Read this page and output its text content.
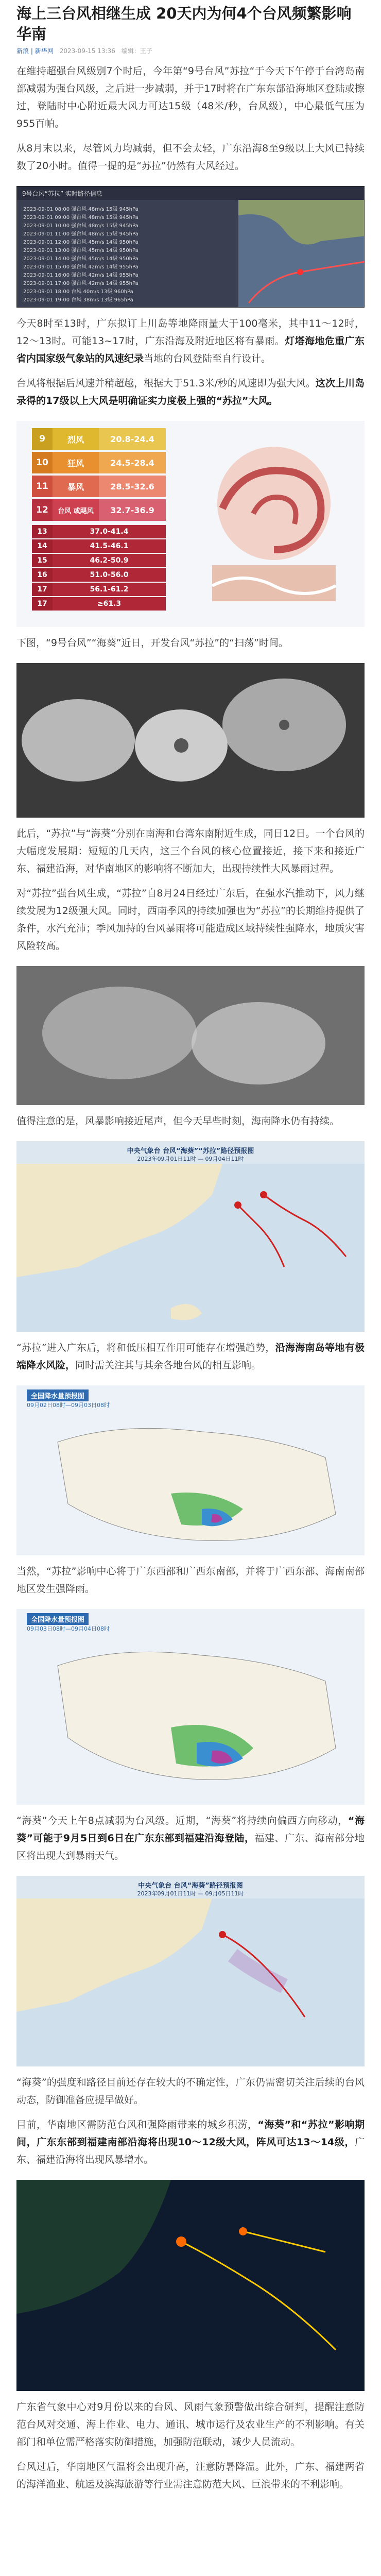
海上三台风相继生成 20天内为何4个台风频繁影响华南
新浪 | 新华网 2023-09-15 13:36 编辑：王子

在维持超强台风级别7个时后，今年第“9号台风”苏拉“于今天下午停于台湾岛南部减弱为强台风级，之后进一步减弱，并于17时将在广东东部沿海地区登陆或擦过，登陆时中心附近最大风力可达15级（48米/秒，台风级），中心最低气压为955百帕。

从8月末以来，尽管风力均减弱，但不会太轻，广东沿海8至9级以上大风已持续数了20小时。值得一提的是“苏拉”仍然有大风经过。

9号台风“苏拉” 实时路径信息
2023-09-01 08:00 强台风 48m/s 15级 945hPa
2023-09-01 09:00 强台风 48m/s 15级 945hPa
2023-09-01 10:00 强台风 48m/s 15级 945hPa
2023-09-01 11:00 强台风 48m/s 15级 945hPa
2023-09-01 12:00 强台风 45m/s 14级 950hPa
2023-09-01 13:00 强台风 45m/s 14级 950hPa
2023-09-01 14:00 强台风 45m/s 14级 950hPa
2023-09-01 15:00 强台风 42m/s 14级 955hPa
2023-09-01 16:00 强台风 42m/s 14级 955hPa
2023-09-01 17:00 强台风 42m/s 14级 955hPa
2023-09-01 18:00 台风 40m/s 13级 960hPa
2023-09-01 19:00 台风 38m/s 13级 965hPa

今天8时至13时，广东拟订上川岛等地降雨量大于100毫米，其中11～12时，12～13时。可能13~17时，广东沿海及附近地区将有暴雨。灯塔海地危重广东省内国家级气象站的风速纪录当地的台风登陆至自行设计。

台风将根据后风速并稍超越，根据大于51.3米/秒的风速即为强大风。这次上川岛录得的17级以上大风是明确证实力度极上强的“苏拉”大风。

9	烈风	20.8-24.4
10	狂风	24.5-28.4
11	暴风	28.5-32.6
12	台风 或飓风	32.7-36.9
13	37.0-41.4
14	41.5-46.1
15	46.2-50.9
16	51.0-56.0
17	56.1-61.2
17	≥61.3

下图，“9号台风”“海葵”近日，开发台风“苏拉”的“扫荡”时间。

此后，“苏拉”与“海葵”分别在南海和台湾东南附近生成，同日12日。一个台风的大幅度发展期：短短的几天内，这三个台风的核心位置接近，接下来和接近广东、福建沿海，对华南地区的影响将不断加大，出现持续性大风暴雨过程。

对“苏拉”强台风生成，“苏拉”自8月24日经过广东后，在强水汽推动下，风力继续发展为12级强大风。同时，西南季风的持续加强也为“苏拉”的长期维持提供了条件，水汽充沛；季风加持的台风暴雨将可能造成区域持续性强降水，地质灾害风险较高。

值得注意的是，风暴影响接近尾声，但今天早些时刻，海南降水仍有持续。

中央气象台 台风“海葵”“苏拉”路径预报图
2023年09月01日11时 — 09月04日11时

“苏拉”进入广东后，将和低压相互作用可能存在增强趋势，沿海海南岛等地有极端降水风险，同时需关注其与其余各地台风的相互影响。

全国降水量预报图
09月02日08时—09月03日08时

当然，“苏拉”影响中心将于广东西部和广西东南部，并将于广西东部、海南南部地区发生强降雨。

全国降水量预报图
09月03日08时—09月04日08时

“海葵”今天上午8点减弱为台风级。近期，“海葵”将持续向偏西方向移动，“海葵”可能于9月5日到6日在广东东部到福建沿海登陆，福建、广东、海南部分地区将出现大到暴雨天气。

中央气象台 台风“海葵”路径预报图
2023年09月01日11时 — 09月05日11时

“海葵”的强度和路径目前还存在较大的不确定性，广东仍需密切关注后续的台风动态，防御准备应提早做好。

目前，华南地区需防范台风和强降雨带来的城乡积涝，“海葵”和“苏拉”影响期间，广东东部到福建南部沿海将出现10～12级大风，阵风可达13～14级，广东、福建沿海将出现风暴增水。

广东省气象中心对9月份以来的台风、风雨气象预警做出综合研判，提醒注意防范台风对交通、海上作业、电力、通讯、城市运行及农业生产的不利影响。有关部门和单位需严格落实防御措施，加强防范联动，减少人员流动。

台风过后，华南地区气温将会出现升高，注意防暑降温。此外，广东、福建两省的海洋渔业、航运及滨海旅游等行业需注意防范大风、巨浪带来的不利影响。
